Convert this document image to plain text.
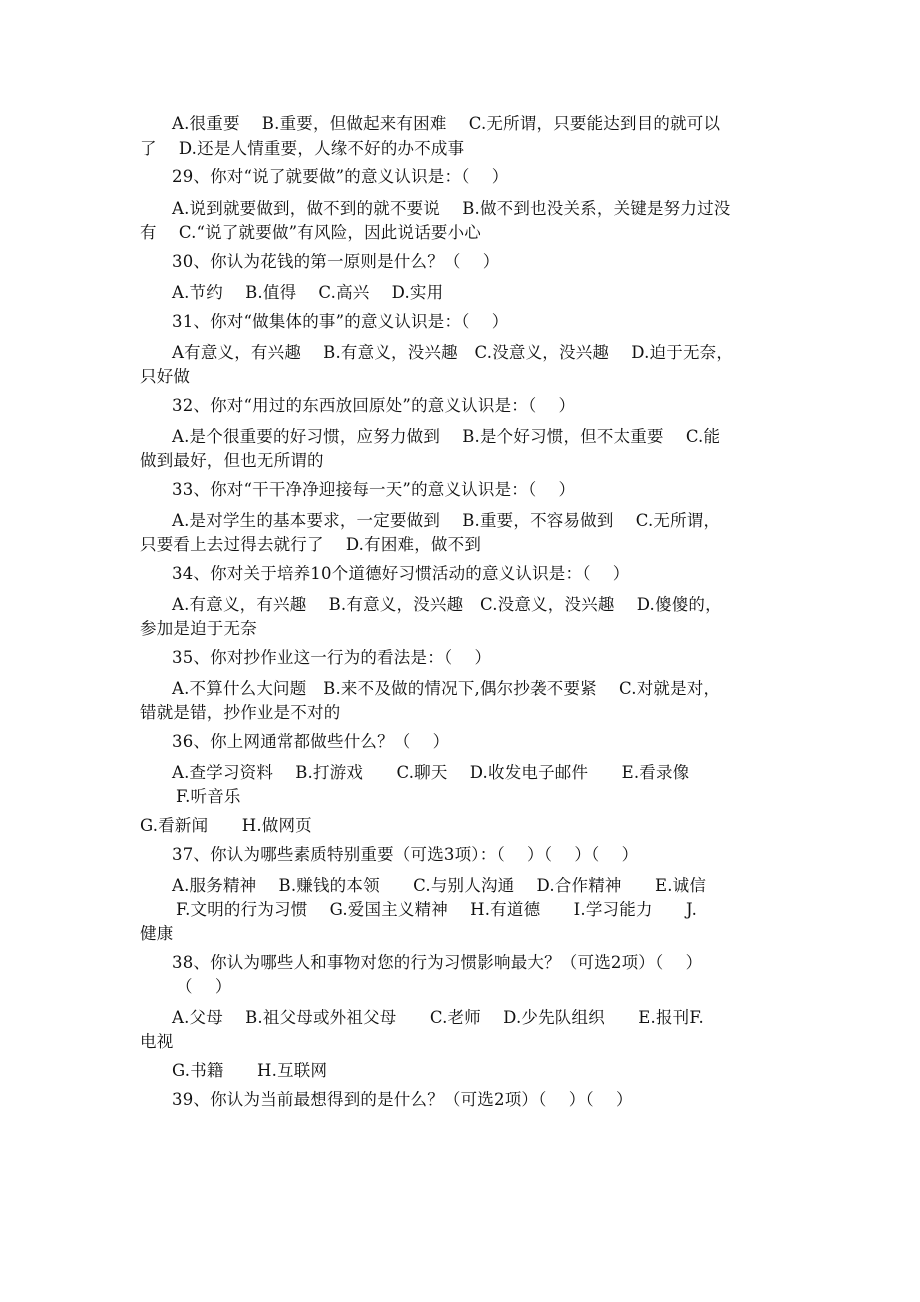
A.很重要　 B.重要，但做起来有困难　 C.无所谓，只要能达到目的就可以
了　 D.还是人情重要，人缘不好的办不成事
29、你对“说了就要做”的意义认识是：（　 ）
A.说到就要做到，做不到的就不要说　 B.做不到也没关系，关键是努力过没
有　 C.“说了就要做”有风险，因此说话要小心
30、你认为花钱的第一原则是什么？（　 ）
A.节约　 B.值得　 C.高兴　 D.实用
31、你对“做集体的事”的意义认识是：（　 ）
A有意义，有兴趣　 B.有意义，没兴趣　C.没意义，没兴趣　 D.迫于无奈，
只好做
32、你对“用过的东西放回原处”的意义认识是：（　 ）
A.是个很重要的好习惯，应努力做到　 B.是个好习惯，但不太重要　 C.能
做到最好，但也无所谓的
33、你对“干干净净迎接每一天”的意义认识是：（　 ）
A.是对学生的基本要求，一定要做到　 B.重要，不容易做到　 C.无所谓，
只要看上去过得去就行了　 D.有困难，做不到
34、你对关于培养10个道德好习惯活动的意义认识是：（　 ）
A.有意义，有兴趣　 B.有意义，没兴趣　C.没意义，没兴趣　 D.傻傻的，
参加是迫于无奈
35、你对抄作业这一行为的看法是：（　 ）
A.不算什么大问题　B.来不及做的情况下,偶尔抄袭不要紧　 C.对就是对，
错就是错，抄作业是不对的
36、你上网通常都做些什么？（　 ）
A.查学习资料　 B.打游戏　　C.聊天　 D.收发电子邮件　　E.看录像
F.听音乐
G.看新闻　　H.做网页
37、你认为哪些素质特别重要（可选3项）：（　 ）（　 ）（　 ）
A.服务精神　 B.赚钱的本领　　C.与别人沟通　 D.合作精神　　E.诚信
F.文明的行为习惯　 G.爱国主义精神　 H.有道德　　I.学习能力　　J.
健康
38、你认为哪些人和事物对您的行为习惯影响最大？（可选2项）（　 ）
（　 ）
A.父母　 B.祖父母或外祖父母　　C.老师　 D.少先队组织　　E.报刊F.
电视
G.书籍　　H.互联网
39、你认为当前最想得到的是什么？（可选2项）（　 ）（　 ）
